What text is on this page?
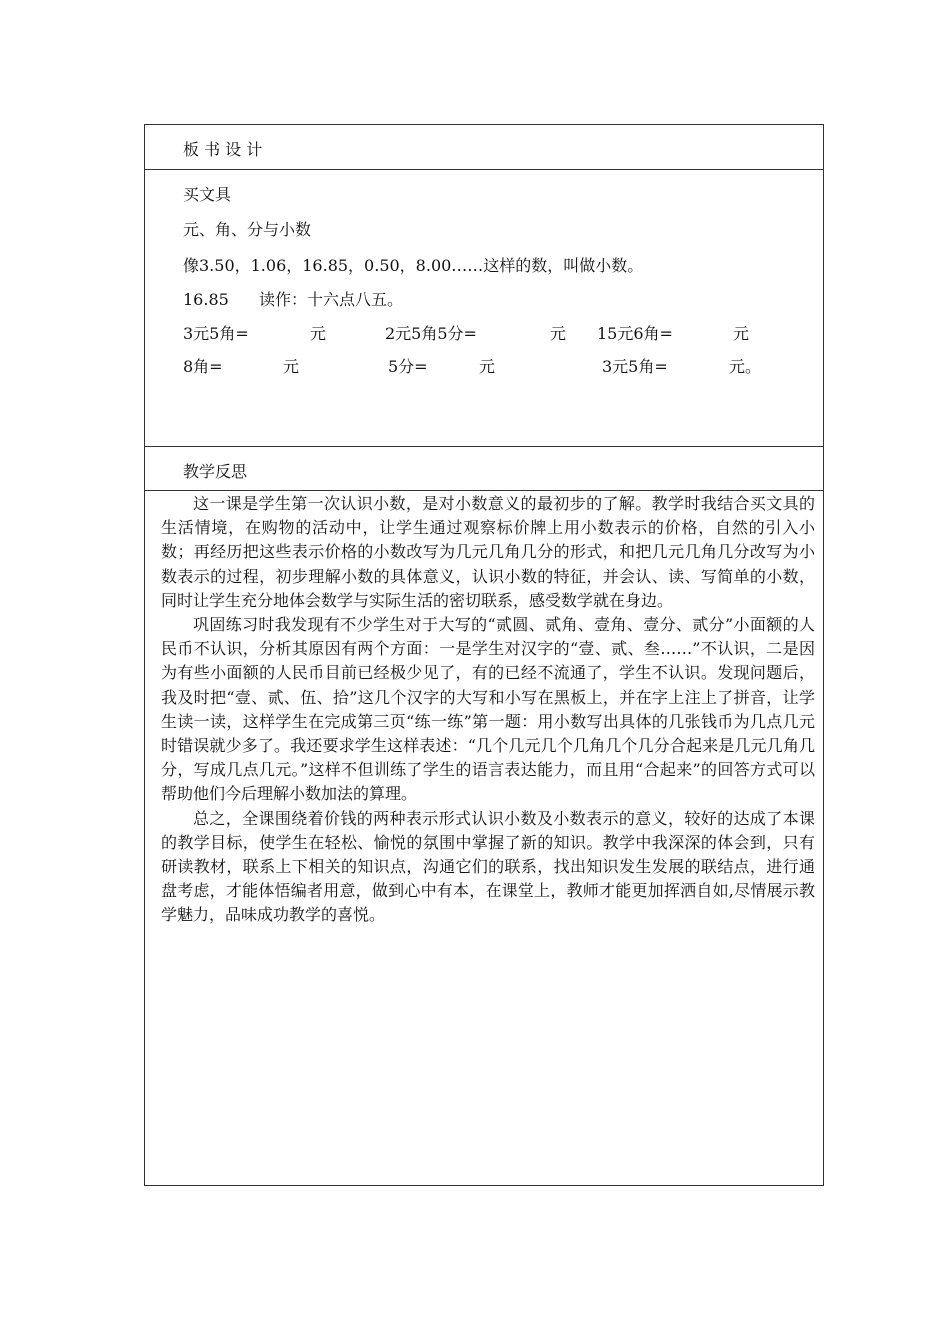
板 书 设 计
买文具
元、角、分与小数
像3.50，1.06，16.85，0.50，8.00……这样的数，叫做小数。
16.85 读作：十六点八五。
3元5角=	元	2元5角5分=	元 15元6角=	元
8角=	元	5分=	元	3元5角=	元。
教学反思

这一课是学生第一次认识小数，是对小数意义的最初步的了解。教学时我结合买文具的生活情境，在购物的活动中，让学生通过观察标价牌上用小数表示的价格，自然的引入小数；再经历把这些表示价格的小数改写为几元几角几分的形式，和把几元几角几分改写为小数表示的过程，初步理解小数的具体意义，认识小数的特征，并会认、读、写简单的小数，同时让学生充分地体会数学与实际生活的密切联系，感受数学就在身边。

巩固练习时我发现有不少学生对于大写的“贰圆、贰角、壹角、壹分、贰分”小面额的人民币不认识，分析其原因有两个方面：一是学生对汉字的“壹、贰、叁……”不认识，二是因为有些小面额的人民币目前已经极少见了，有的已经不流通了，学生不认识。发现问题后，我及时把“壹、贰、伍、拾”这几个汉字的大写和小写在黑板上，并在字上注上了拼音，让学生读一读，这样学生在完成第三页“练一练”第一题：用小数写出具体的几张钱币为几点几元时错误就少多了。我还要求学生这样表述：“几个几元几个几角几个几分合起来是几元几角几分，写成几点几元。”这样不但训练了学生的语言表达能力，而且用“合起来”的回答方式可以帮助他们今后理解小数加法的算理。

总之，全课围绕着价钱的两种表示形式认识小数及小数表示的意义，较好的达成了本课的教学目标，使学生在轻松、愉悦的氛围中掌握了新的知识。教学中我深深的体会到，只有研读教材，联系上下相关的知识点，沟通它们的联系，找出知识发生发展的联结点，进行通盘考虑，才能体悟编者用意，做到心中有本，在课堂上，教师才能更加挥洒自如,尽情展示教学魅力，品味成功教学的喜悦。
